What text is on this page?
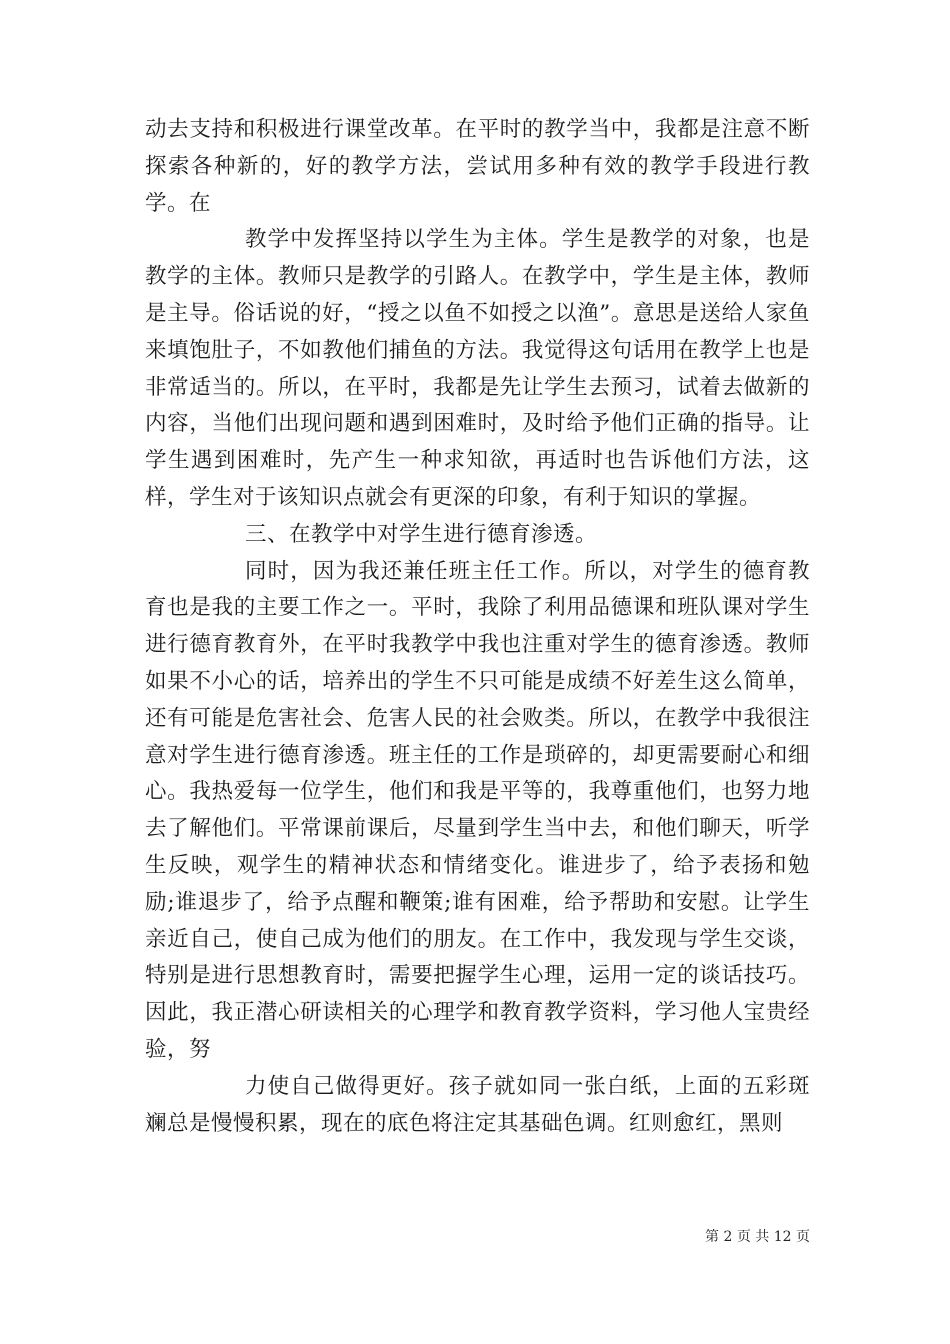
动去支持和积极进行课堂改革。在平时的教学当中，我都是注意不断探索各种新的，好的教学方法，尝试用多种有效的教学手段进行教学。在

教学中发挥坚持以学生为主体。学生是教学的对象，也是教学的主体。教师只是教学的引路人。在教学中，学生是主体，教师是主导。俗话说的好，“授之以鱼不如授之以渔”。意思是送给人家鱼来填饱肚子，不如教他们捕鱼的方法。我觉得这句话用在教学上也是非常适当的。所以，在平时，我都是先让学生去预习，试着去做新的内容，当他们出现问题和遇到困难时，及时给予他们正确的指导。让学生遇到困难时，先产生一种求知欲，再适时也告诉他们方法，这样，学生对于该知识点就会有更深的印象，有利于知识的掌握。

三、在教学中对学生进行德育渗透。

同时，因为我还兼任班主任工作。所以，对学生的德育教育也是我的主要工作之一。平时，我除了利用品德课和班队课对学生进行德育教育外，在平时我教学中我也注重对学生的德育渗透。教师如果不小心的话，培养出的学生不只可能是成绩不好差生这么简单，还有可能是危害社会、危害人民的社会败类。所以，在教学中我很注意对学生进行德育渗透。班主任的工作是琐碎的，却更需要耐心和细心。我热爱每一位学生，他们和我是平等的，我尊重他们，也努力地去了解他们。平常课前课后，尽量到学生当中去，和他们聊天，听学生反映，观学生的精神状态和情绪变化。谁进步了，给予表扬和勉励;谁退步了，给予点醒和鞭策;谁有困难，给予帮助和安慰。让学生亲近自己，使自己成为他们的朋友。在工作中，我发现与学生交谈，特别是进行思想教育时，需要把握学生心理，运用一定的谈话技巧。因此，我正潜心研读相关的心理学和教育教学资料，学习他人宝贵经验，努

力使自己做得更好。孩子就如同一张白纸，上面的五彩斑斓总是慢慢积累，现在的底色将注定其基础色调。红则愈红，黑则

第 2 页 共 12 页
